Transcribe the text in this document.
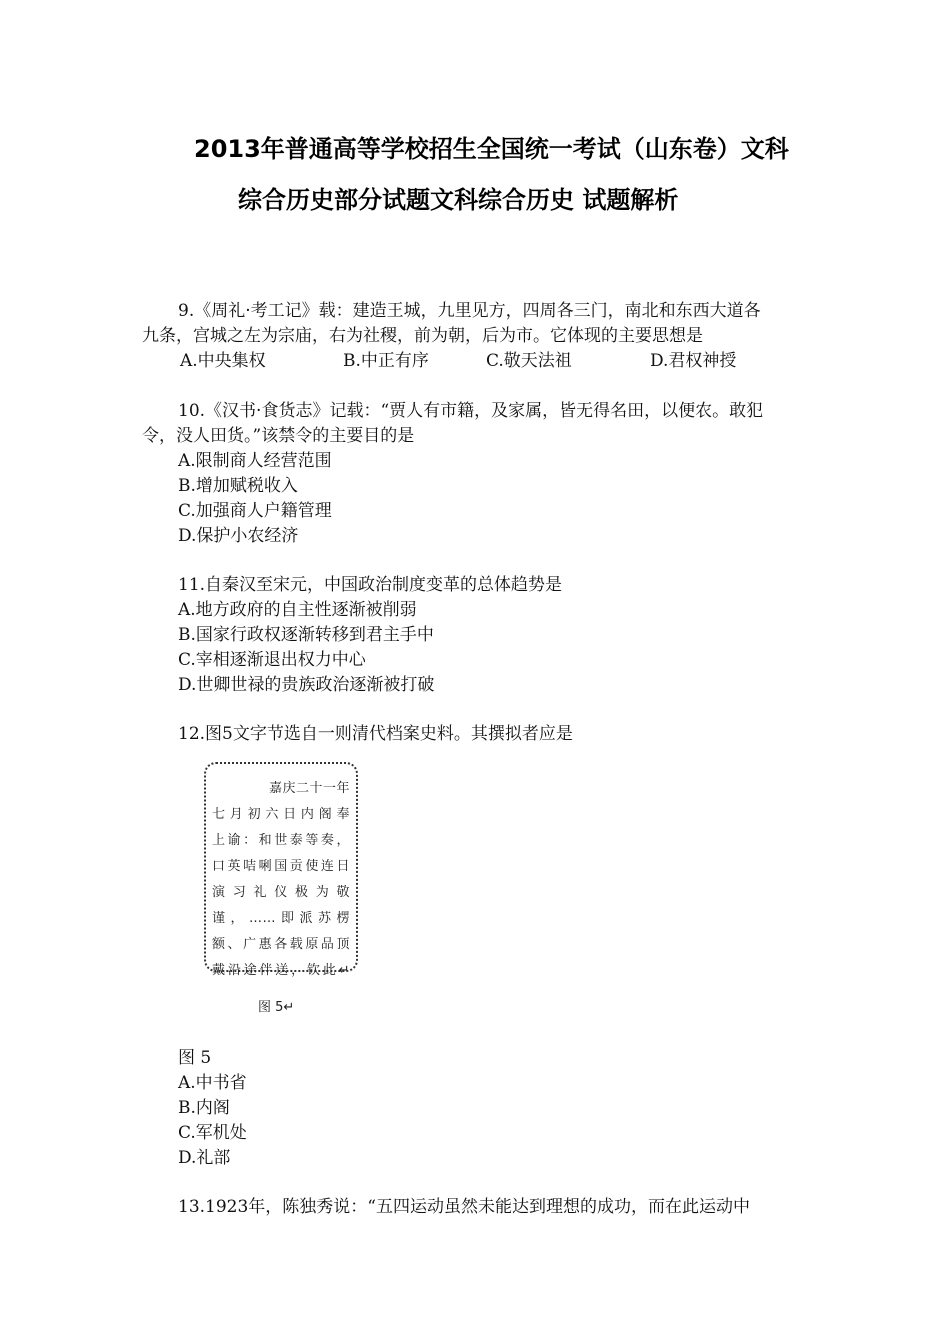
2013年普通高等学校招生全国统一考试（山东卷）文科
综合历史部分试题文科综合历史 试题解析
9.《周礼·考工记》载：建造王城，九里见方，四周各三门，南北和东西大道各
九条，宫城之左为宗庙，右为社稷，前为朝，后为市。它体现的主要思想是
A.中央集权	B.中正有序	C.敬天法祖	D.君权神授
10.《汉书·食货志》记载：“贾人有市籍，及家属，皆无得名田，以便农。敢犯
令，没人田货。”该禁令的主要目的是
A.限制商人经营范围
B.增加赋税收入
C.加强商人户籍管理
D.保护小农经济
11.自秦汉至宋元，中国政治制度变革的总体趋势是
A.地方政府的自主性逐渐被削弱
B.国家行政权逐渐转移到君主手中
C.宰相逐渐退出权力中心
D.世卿世禄的贵族政治逐渐被打破
12.图5文字节选自一则清代档案史料。其撰拟者应是
嘉庆二十一年
七月初六日内阁奉
上谕：和世泰等奏，
口英咭唎国贡使连日
演习礼仪极为敬
谨，……即派苏楞
额、广惠各载原品顶
戴沿途伴送，钦此↵
图 5↵
图 5
A.中书省
B.内阁
C.军机处
D.礼部
13.1923年，陈独秀说：“五四运动虽然未能达到理想的成功，而在此运动中
